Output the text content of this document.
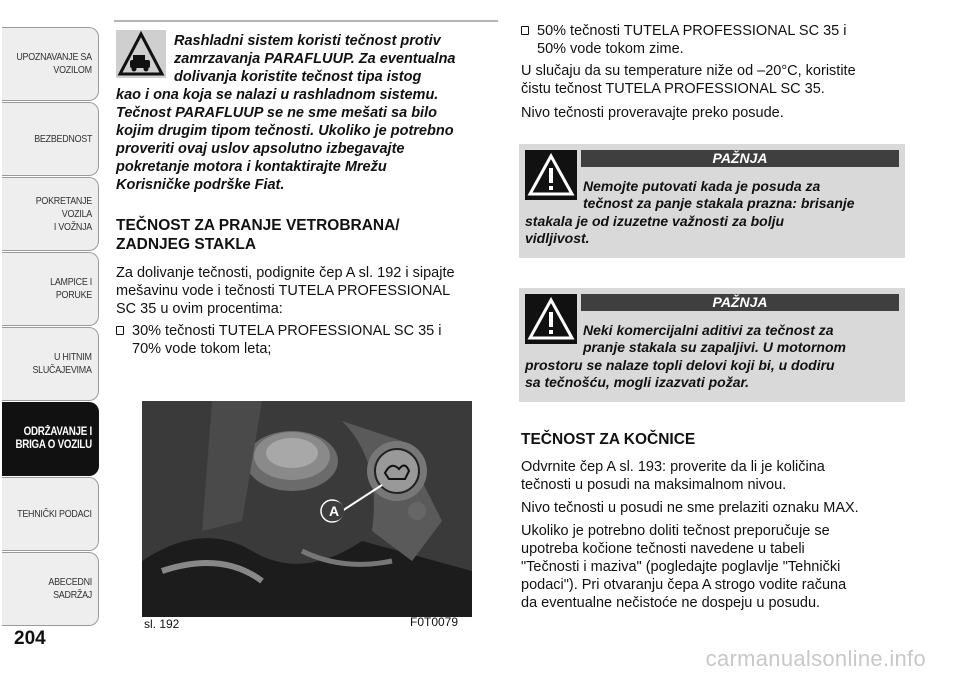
UPOZNAVANJE SA
VOZILOM
BEZBEDNOST
POKRETANJE VOZILA
I VOŽNJA
LAMPICE I PORUKE
U HITNIM
SLUČAJEVIMA
ODRŽAVANJE I
BRIGA O VOZILU
TEHNIČKI PODACI
ABECEDNI SADRŽAJ
204
Rashladni sistem koristi tečnost protiv
zamrzavanja PARAFLUUP. Za eventualna
dolivanja koristite tečnost tipa istog
kao i ona koja se nalazi u rashladnom sistemu.
Tečnost PARAFLUUP se ne sme mešati sa bilo
kojim drugim tipom tečnosti. Ukoliko je potrebno
proveriti ovaj uslov apsolutno izbegavajte
pokretanje motora i kontaktirajte Mrežu
Korisničke podrške Fiat.
TEČNOST ZA PRANJE VETROBRANA/
ZADNJEG STAKLA
Za dolivanje tečnosti, podignite čep A sl. 192 i sipajte
mešavinu vode i tečnosti TUTELA PROFESSIONAL
SC 35 u ovim procentima:
30% tečnosti TUTELA PROFESSIONAL SC 35 i
70% vode tokom leta;
A
sl. 192	F0T0079
50% tečnosti TUTELA PROFESSIONAL SC 35 i
50% vode tokom zime.
U slučaju da su temperature niže od –20°C, koristite
čistu tečnost TUTELA PROFESSIONAL SC 35.
Nivo tečnosti proveravajte preko posude.
PAŽNJA
Nemojte putovati kada je posuda za
tečnost za panje stakala prazna: brisanje
stakala je od izuzetne važnosti za bolju
vidljivost.
PAŽNJA
Neki komercijalni aditivi za tečnost za
pranje stakala su zapaljivi. U motornom
prostoru se nalaze topli delovi koji bi, u dodiru
sa tečnošću, mogli izazvati požar.
TEČNOST ZA KOČNICE
Odvrnite čep A sl. 193: proverite da li je količina
tečnosti u posudi na maksimalnom nivou.
Nivo tečnosti u posudi ne sme prelaziti oznaku MAX.
Ukoliko je potrebno doliti tečnost preporučuje se
upotreba kočione tečnosti navedene u tabeli
"Tečnosti i maziva" (pogledajte poglavlje "Tehnički
podaci"). Pri otvaranju čepa A strogo vodite računa
da eventualne nečistoće ne dospeju u posudu.
carmanualsonline.info
